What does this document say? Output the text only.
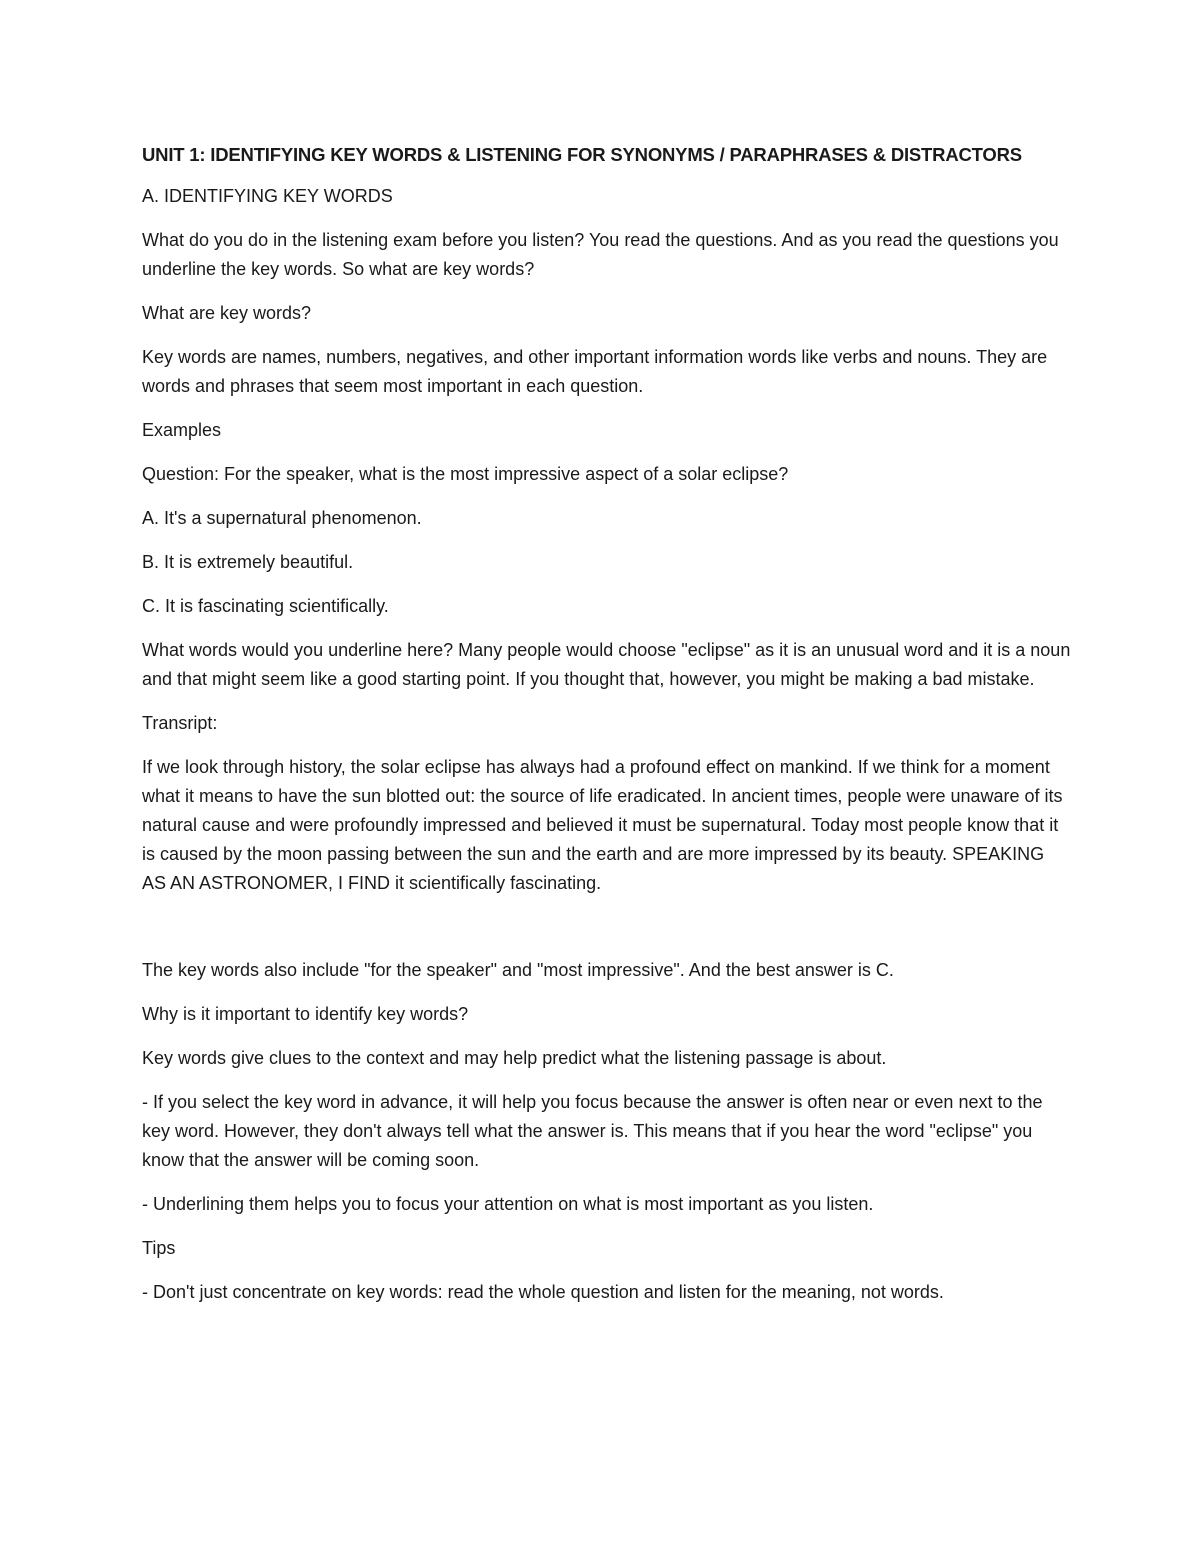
UNIT 1: IDENTIFYING KEY WORDS & LISTENING FOR SYNONYMS / PARAPHRASES & DISTRACTORS
A. IDENTIFYING KEY WORDS
What do you do in the listening exam before you listen? You read the questions. And as you read the questions you underline the key words. So what are key words?
What are key words?
Key words are names, numbers, negatives, and other important information words like verbs and nouns. They are words and phrases that seem most important in each question.
Examples
Question: For the speaker, what is the most impressive aspect of a solar eclipse?
A. It's a supernatural phenomenon.
B. It is extremely beautiful.
C. It is fascinating scientifically.
What words would you underline here? Many people would choose "eclipse" as it is an unusual word and it is a noun and that might seem like a good starting point. If you thought that, however, you might be making a bad mistake.
Transript:
If we look through history, the solar eclipse has always had a profound effect on mankind. If we think for a moment what it means to have the sun blotted out: the source of life eradicated. In ancient times, people were unaware of its natural cause and were profoundly impressed and believed it must be supernatural. Today most people know that it is caused by the moon passing between the sun and the earth and are more impressed by its beauty. SPEAKING AS AN ASTRONOMER, I FIND it scientifically fascinating.
The key words also include "for the speaker" and "most impressive". And the best answer is C.
Why is it important to identify key words?
Key words give clues to the context and may help predict what the listening passage is about.
- If you select the key word in advance, it will help you focus because the answer is often near or even next to the key word. However, they don't always tell what the answer is. This means that if you hear the word "eclipse" you know that the answer will be coming soon.
- Underlining them helps you to focus your attention on what is most important as you listen.
Tips
- Don't just concentrate on key words: read the whole question and listen for the meaning, not words.
